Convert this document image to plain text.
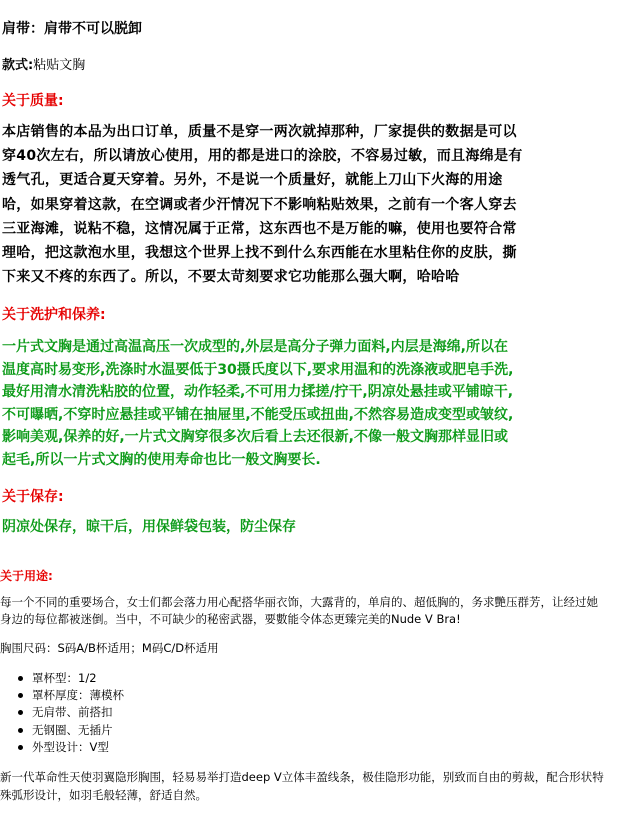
肩带：肩带不可以脱卸
款式:粘贴文胸
关于质量:
本店销售的本品为出口订单，质量不是穿一两次就掉那种，厂家提供的数据是可以
穿40次左右，所以请放心使用，用的都是进口的涂胶，不容易过敏，而且海绵是有
透气孔，更适合夏天穿着。另外，不是说一个质量好，就能上刀山下火海的用途
哈，如果穿着这款，在空调或者少汗情况下不影响粘贴效果，之前有一个客人穿去
三亚海滩，说粘不稳，这情况属于正常，这东西也不是万能的嘛，使用也要符合常
理哈，把这款泡水里，我想这个世界上找不到什么东西能在水里粘住你的皮肤，撕
下来又不疼的东西了。所以，不要太苛刻要求它功能那么强大啊，哈哈哈
关于洗护和保养:
一片式文胸是通过高温高压一次成型的,外层是高分子弹力面料,内层是海绵,所以在
温度高时易变形,洗涤时水温要低于30摄氏度以下,要求用温和的洗涤液或肥皂手洗,
最好用清水清洗粘胶的位置，动作轻柔,不可用力揉搓/拧干,阴凉处悬挂或平铺晾干,
不可曝晒,不穿时应悬挂或平铺在抽屉里,不能受压或扭曲,不然容易造成变型或皱纹,
影响美观,保养的好,一片式文胸穿很多次后看上去还很新,不像一般文胸那样显旧或
起毛,所以一片式文胸的使用寿命也比一般文胸要长.
关于保存:
阴凉处保存，晾干后，用保鲜袋包装，防尘保存
关于用途:
每一个不同的重要场合，女士们都会落力用心配搭华丽衣饰，大露背的，单肩的、超低胸的，务求艷压群芳，让经过她
身边的每位都被迷倒。当中，不可缺少的秘密武器，要數能令体态更臻完美的Nude V Bra!
胸围尺码：S码A/B杯适用；M码C/D杯适用
罩杯型：1/2
罩杯厚度：薄模杯
无肩带、前搭扣
无钢圈、无插片
外型设计：V型
新一代革命性天使羽翼隐形胸围，轻易易举打造deep V立体丰盈线条，极佳隐形功能，别致而自由的剪裁，配合形状特
殊弧形设计，如羽毛般轻薄，舒适自然。
